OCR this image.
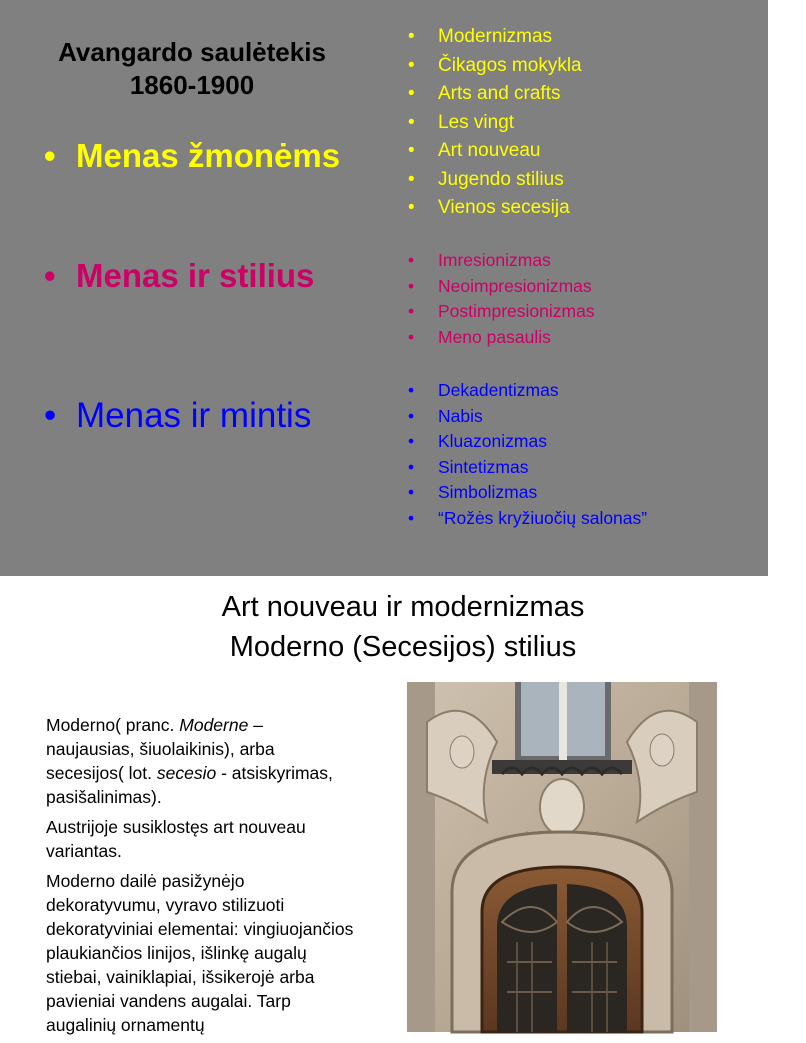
Avangardo saulėtekis
1860-1900
• Menas žmonėms
• Menas ir stilius
• Menas ir mintis
• Modernizmas
• Čikagos mokykla
• Arts and crafts
• Les vingt
• Art nouveau
• Jugendo stilius
• Vienos secesija
• Imresionizmas
• Neoimpresionizmas
• Postimpresionizmas
• Meno pasaulis
• Dekadentizmas
• Nabis
• Kluazonizmas
• Sintetizmas
• Simbolizmas
• “Rožės kryžiuočių salonas”
Art nouveau ir modernizmas
Moderno (Secesijos) stilius

Moderno( pranc. Moderne – naujausias, šiuolaikinis), arba secesijos( lot. secesio - atsiskyrimas, pasišalinimas).

Austrijoje susiklostęs art nouveau variantas.

Moderno dailė pasižynėjo dekoratyvumu, vyravo stilizuoti dekoratyviniai elementai: vingiuojančios plaukiančios linijos, išlinkę augalų stiebai, vainiklapiai, išsikerojė arba pavieniai vandens augalai. Tarp augalinių ornamentų
